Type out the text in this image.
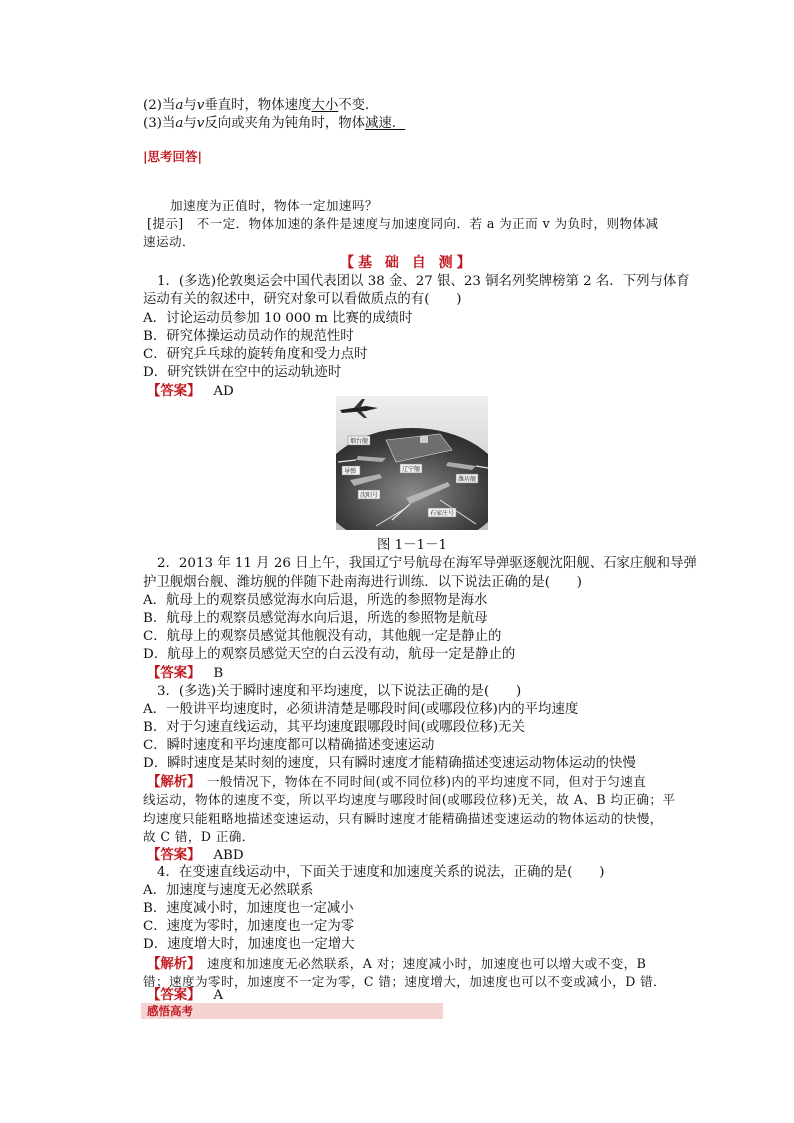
(2)当a与v垂直时，物体速度大小不变．
(3)当a与v反向或夹角为钝角时，物体减速．
|思考回答|
加速度为正值时，物体一定加速吗？
[提示]　不一定．物体加速的条件是速度与加速度同向．若 a 为正而 v 为负时，则物体减
速运动．
【基 础 自 测】
1．(多选)伦敦奥运会中国代表团以 38 金、27 银、23 铜名列奖牌榜第 2 名．下列与体育
运动有关的叙述中，研究对象可以看做质点的有(　　)
A．讨论运动员参加 10 000 m 比赛的成绩时
B．研究体操运动员动作的规范性时
C．研究乒乓球的旋转角度和受力点时
D．研究铁饼在空中的运动轨迹时
【答案】 AD
烟台舰
辽宁舰
潍坊舰
沈阳号
石家庄号
导弹
图 1－1－1
2．2013 年 11 月 26 日上午，我国辽宁号航母在海军导弹驱逐舰沈阳舰、石家庄舰和导弹
护卫舰烟台舰、潍坊舰的伴随下赴南海进行训练．以下说法正确的是(　　)
A．航母上的观察员感觉海水向后退，所选的参照物是海水
B．航母上的观察员感觉海水向后退，所选的参照物是航母
C．航母上的观察员感觉其他舰没有动，其他舰一定是静止的
D．航母上的观察员感觉天空的白云没有动，航母一定是静止的
【答案】 B
3．(多选)关于瞬时速度和平均速度，以下说法正确的是(　　)
A．一般讲平均速度时，必须讲清楚是哪段时间(或哪段位移)内的平均速度
B．对于匀速直线运动，其平均速度跟哪段时间(或哪段位移)无关
C．瞬时速度和平均速度都可以精确描述变速运动
D．瞬时速度是某时刻的速度，只有瞬时速度才能精确描述变速运动物体运动的快慢
【解析】　一般情况下，物体在不同时间(或不同位移)内的平均速度不同，但对于匀速直
线运动，物体的速度不变，所以平均速度与哪段时间(或哪段位移)无关，故 A、B 均正确；平
均速度只能粗略地描述变速运动，只有瞬时速度才能精确描述变速运动的物体运动的快慢，
故 C 错，D 正确．
【答案】 ABD
4．在变速直线运动中，下面关于速度和加速度关系的说法，正确的是(　　)
A．加速度与速度无必然联系
B．速度减小时，加速度也一定减小
C．速度为零时，加速度也一定为零
D．速度增大时，加速度也一定增大
【解析】　速度和加速度无必然联系，A 对；速度减小时，加速度也可以增大或不变，B
错；速度为零时，加速度不一定为零，C 错；速度增大，加速度也可以不变或减小，D 错．
【答案】 A
感悟高考
